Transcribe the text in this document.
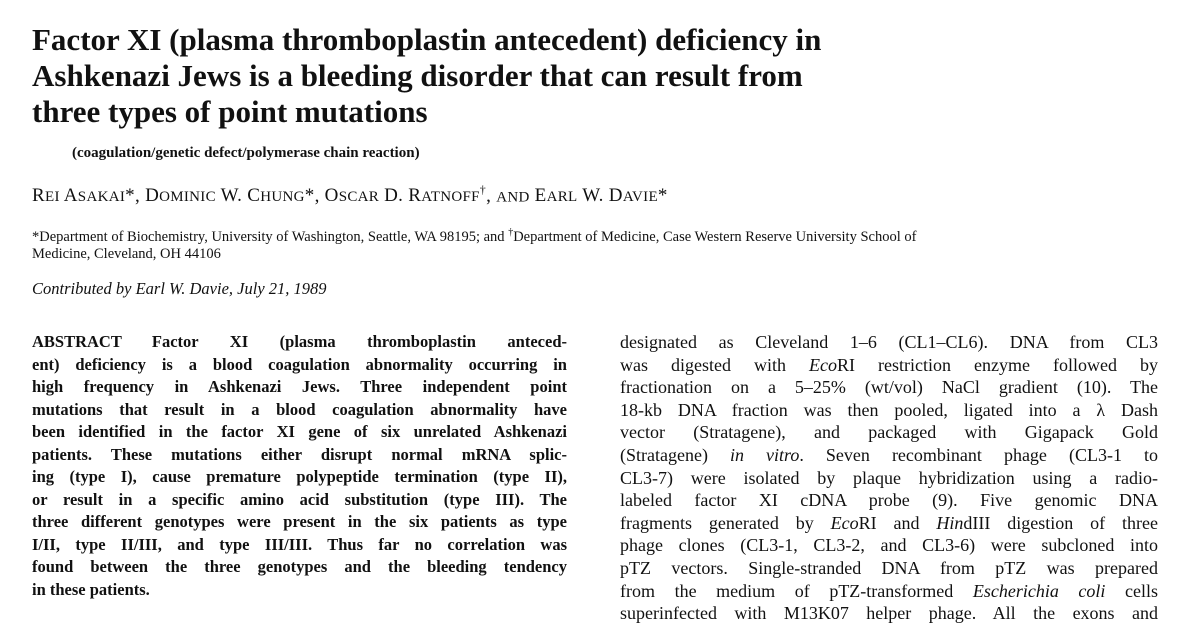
Factor XI (plasma thromboplastin antecedent) deficiency in
Ashkenazi Jews is a bleeding disorder that can result from
three types of point mutations
(coagulation/genetic defect/polymerase chain reaction)
REI ASAKAI*, DOMINIC W. CHUNG*, OSCAR D. RATNOFF†, AND EARL W. DAVIE*
*Department of Biochemistry, University of Washington, Seattle, WA 98195; and †Department of Medicine, Case Western Reserve University School of
Medicine, Cleveland, OH 44106
Contributed by Earl W. Davie, July 21, 1989
ABSTRACT Factor XI (plasma thromboplastin anteced-
ent) deficiency is a blood coagulation abnormality occurring in
high frequency in Ashkenazi Jews. Three independent point
mutations that result in a blood coagulation abnormality have
been identified in the factor XI gene of six unrelated Ashkenazi
patients. These mutations either disrupt normal mRNA splic-
ing (type I), cause premature polypeptide termination (type II),
or result in a specific amino acid substitution (type III). The
three different genotypes were present in the six patients as type
I/II, type II/III, and type III/III. Thus far no correlation was
found between the three genotypes and the bleeding tendency
in these patients.
designated as Cleveland 1–6 (CL1–CL6). DNA from CL3
was digested with EcoRI restriction enzyme followed by
fractionation on a 5–25% (wt/vol) NaCl gradient (10). The
18-kb DNA fraction was then pooled, ligated into a λ Dash
vector (Stratagene), and packaged with Gigapack Gold
(Stratagene) in vitro. Seven recombinant phage (CL3-1 to
CL3-7) were isolated by plaque hybridization using a radio-
labeled factor XI cDNA probe (9). Five genomic DNA
fragments generated by EcoRI and HindIII digestion of three
phage clones (CL3-1, CL3-2, and CL3-6) were subcloned into
pTZ vectors. Single-stranded DNA from pTZ was prepared
from the medium of pTZ-transformed Escherichia coli cells
superinfected with M13K07 helper phage. All the exons and
